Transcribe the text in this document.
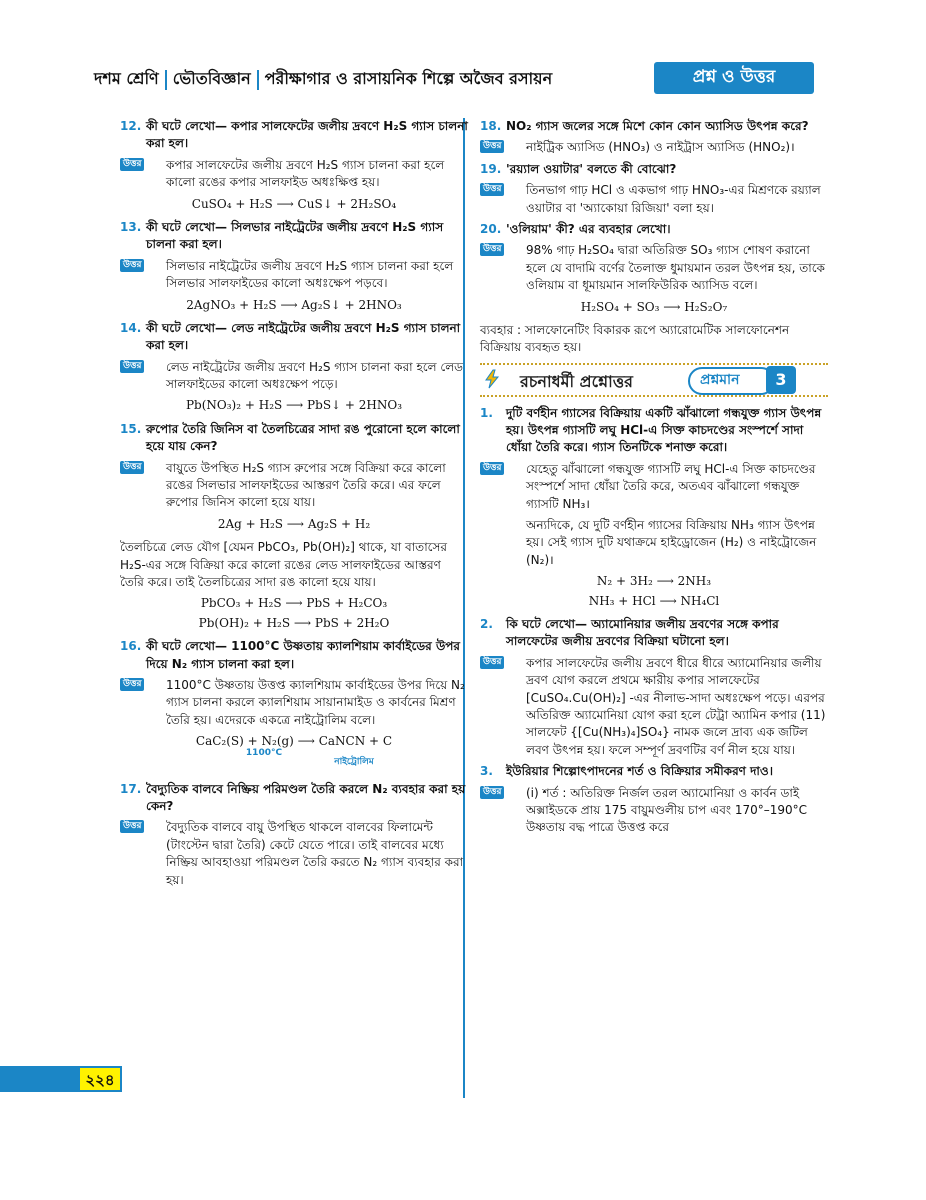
দশম শ্রেণি ভৌতবিজ্ঞান পরীক্ষাগার ও রাসায়নিক শিল্পে অজৈব রসায়ন	প্রশ্ন ও উত্তর
12. কী ঘটে লেখো— কপার সালফেটের জলীয় দ্রবণে H₂S গ্যাস চালনা করা হল।
উত্তর কপার সালফেটের জলীয় দ্রবণে H₂S গ্যাস চালনা করা হলে কালো রঙের কপার সালফাইড অধঃক্ষিপ্ত হয়।
CuSO₄ + H₂S ⟶ CuS↓ + 2H₂SO₄
13. কী ঘটে লেখো— সিলভার নাইট্রেটের জলীয় দ্রবণে H₂S গ্যাস চালনা করা হল।
উত্তর সিলভার নাইট্রেটের জলীয় দ্রবণে H₂S গ্যাস চালনা করা হলে সিলভার সালফাইডের কালো অধঃক্ষেপ পড়বে।
2AgNO₃ + H₂S ⟶ Ag₂S↓ + 2HNO₃
14. কী ঘটে লেখো— লেড নাইট্রেটের জলীয় দ্রবণে H₂S গ্যাস চালনা করা হল।
উত্তর লেড নাইট্রেটের জলীয় দ্রবণে H₂S গ্যাস চালনা করা হলে লেড সালফাইডের কালো অধঃক্ষেপ পড়ে।
Pb(NO₃)₂ + H₂S ⟶ PbS↓ + 2HNO₃
15. রুপোর তৈরি জিনিস বা তৈলচিত্রের সাদা রঙ পুরোনো হলে কালো হয়ে যায় কেন?
উত্তর বায়ুতে উপস্থিত H₂S গ্যাস রুপোর সঙ্গে বিক্রিয়া করে কালো রঙের সিলভার সালফাইডের আস্তরণ তৈরি করে। এর ফলে রুপোর জিনিস কালো হয়ে যায়।
2Ag + H₂S ⟶ Ag₂S + H₂
তৈলচিত্রে লেড যৌগ [যেমন PbCO₃, Pb(OH)₂] থাকে, যা বাতাসের H₂S-এর সঙ্গে বিক্রিয়া করে কালো রঙের লেড সালফাইডের আস্তরণ তৈরি করে। তাই তৈলচিত্রের সাদা রঙ কালো হয়ে যায়।
PbCO₃ + H₂S ⟶ PbS + H₂CO₃
Pb(OH)₂ + H₂S ⟶ PbS + 2H₂O
16. কী ঘটে লেখো— 1100°C উষ্ণতায় ক্যালশিয়াম কার্বাইডের উপর দিয়ে N₂ গ্যাস চালনা করা হল।
উত্তর 1100°C উষ্ণতায় উত্তপ্ত ক্যালশিয়াম কার্বাইডের উপর দিয়ে N₂ গ্যাস চালনা করলে ক্যালশিয়াম সায়ানামাইড ও কার্বনের মিশ্রণ তৈরি হয়। এদেরকে একত্রে নাইট্রোলিম বলে।
CaC₂(S) + N₂(g) ⟶ CaNCN + C
1100°C
নাইট্রোলিম
17. বৈদ্যুতিক বালবে নিষ্ক্রিয় পরিমণ্ডল তৈরি করলে N₂ ব্যবহার করা হয় কেন?
উত্তর বৈদ্যুতিক বালবে বায়ু উপস্থিত থাকলে বালবের ফিলামেন্ট (টাংস্টেন দ্বারা তৈরি) কেটে যেতে পারে। তাই বালবের মধ্যে নিষ্ক্রিয় আবহাওয়া পরিমণ্ডল তৈরি করতে N₂ গ্যাস ব্যবহার করা হয়।
18. NO₂ গ্যাস জলের সঙ্গে মিশে কোন কোন অ্যাসিড উৎপন্ন করে?
উত্তর নাইট্রিক অ্যাসিড (HNO₃) ও নাইট্রাস অ্যাসিড (HNO₂)।
19. 'রয়্যাল ওয়াটার' বলতে কী বোঝো?
উত্তর তিনভাগ গাঢ় HCl ও একভাগ গাঢ় HNO₃-এর মিশ্রণকে রয়্যাল ওয়াটার বা 'অ্যাকোয়া রিজিয়া' বলা হয়।
20. 'ওলিয়াম' কী? এর ব্যবহার লেখো।
উত্তর 98% গাঢ় H₂SO₄ দ্বারা অতিরিক্ত SO₃ গ্যাস শোষণ করানো হলে যে বাদামি বর্ণের তৈলাক্ত ধুমায়মান তরল উৎপন্ন হয়, তাকে ওলিয়াম বা ধূমায়মান সালফিউরিক অ্যাসিড বলে।
H₂SO₄ + SO₃ ⟶ H₂S₂O₇
ব্যবহার : সালফোনেটিং বিকারক রূপে অ্যারোমেটিক সালফোনেশন বিক্রিয়ায় ব্যবহৃত হয়।
রচনাধর্মী প্রশ্নোত্তর	প্রশ্নমান	3
1. দুটি বর্ণহীন গ্যাসের বিক্রিয়ায় একটি ঝাঁঝালো গন্ধযুক্ত গ্যাস উৎপন্ন হয়। উৎপন্ন গ্যাসটি লঘু HCl-এ সিক্ত কাচদণ্ডের সংস্পর্শে সাদা ধোঁয়া তৈরি করে। গ্যাস তিনটিকে শনাক্ত করো।
উত্তর যেহেতু ঝাঁঝালো গন্ধযুক্ত গ্যাসটি লঘু HCl-এ সিক্ত কাচদণ্ডের সংস্পর্শে সাদা ধোঁয়া তৈরি করে, অতএব ঝাঁঝালো গন্ধযুক্ত গ্যাসটি NH₃।
অন্যদিকে, যে দুটি বর্ণহীন গ্যাসের বিক্রিয়ায় NH₃ গ্যাস উৎপন্ন হয়। সেই গ্যাস দুটি যথাক্রমে হাইড্রোজেন (H₂) ও নাইট্রোজেন (N₂)।
N₂ + 3H₂ ⟶ 2NH₃
NH₃ + HCl ⟶ NH₄Cl
2. কি ঘটে লেখো— অ্যামোনিয়ার জলীয় দ্রবণের সঙ্গে কপার সালফেটের জলীয় দ্রবণের বিক্রিয়া ঘটানো হল।
উত্তর কপার সালফেটের জলীয় দ্রবণে ধীরে ধীরে অ্যামোনিয়ার জলীয় দ্রবণ যোগ করলে প্রথমে ক্ষারীয় কপার সালফেটের [CuSO₄.Cu(OH)₂] -এর নীলাভ-সাদা অধঃক্ষেপ পড়ে। এরপর অতিরিক্ত অ্যামোনিয়া যোগ করা হলে টেট্রা অ্যামিন কপার (11) সালফেট {[Cu(NH₃)₄]SO₄} নামক জলে দ্রাব্য এক জটিল লবণ উৎপন্ন হয়। ফলে সম্পূর্ণ দ্রবণটির বর্ণ নীল হয়ে যায়।
3. ইউরিয়ার শিল্পোৎপাদনের শর্ত ও বিক্রিয়ার সমীকরণ দাও।
উত্তর (i) শর্ত : অতিরিক্ত নির্জল তরল অ্যামোনিয়া ও কার্বন ডাই অক্সাইডকে প্রায় 175 বায়ুমণ্ডলীয় চাপ এবং 170°–190°C উষ্ণতায় বদ্ধ পাত্রে উত্তপ্ত করে
২২৪
